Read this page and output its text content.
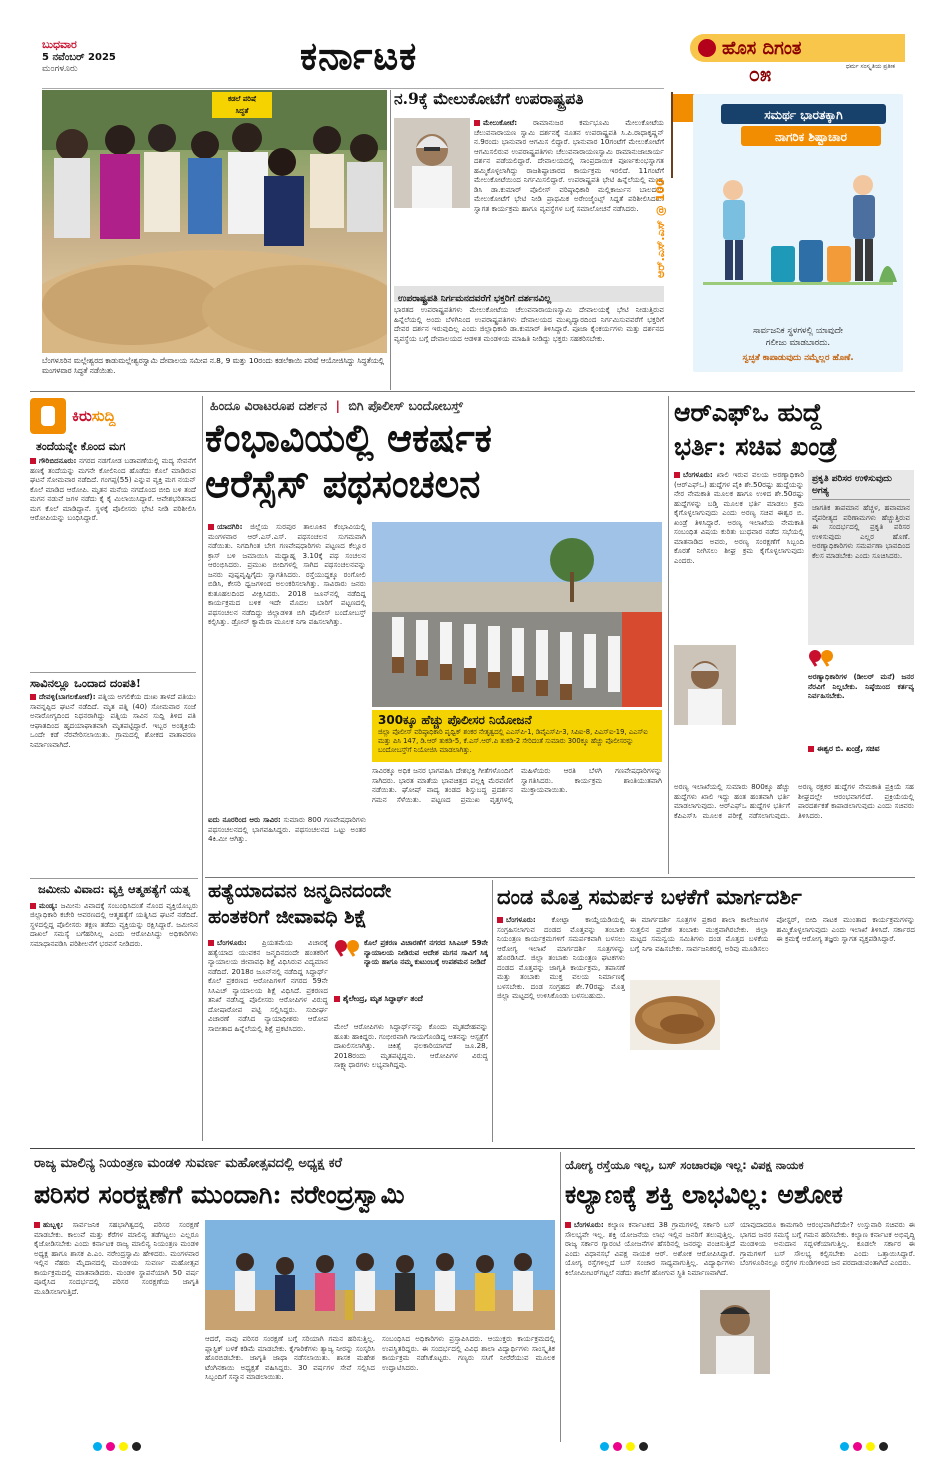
ಬುಧವಾರ
5 ನವೆಂಬರ್ 2025
ಮಂಗಳೂರು	ಕರ್ನಾಟಕ	ಹೊಸ ದಿಗಂತ
ಧರ್ಮ ಸಂಸ್ಕೃತಿಯ ಪ್ರತೀಕ
೦೫
ಕಡಲೆ ಪರಿಷೆ
ಸಿದ್ಧತೆ
ಬೆಂಗಳೂರಿನ ಮಲ್ಲೇಶ್ವರದ ಕಾಡುಮಲ್ಲೇಶ್ವರಸ್ವಾಮಿ ದೇವಾಲಯ ಸಮೀಪ ನ.8, 9 ಮತ್ತು 10ರಂದು ಕಡಲೆಕಾಯಿ ಪರಿಷೆ ಆಯೋಜಿಸಿದ್ದು ಸಿದ್ಧತೆಯಲ್ಲಿ ಮಂಗಳವಾರ ಸಿದ್ಧತೆ ನಡೆಯಿತು.
ನ.9ಕ್ಕೆ ಮೇಲುಕೋಟೆಗೆ ಉಪರಾಷ್ಟ್ರಪತಿ
ಮೇಲುಕೋಟೆ: ರಾಮಾನುಜರ ಕರ್ಮಭೂಮಿ ಮೇಲುಕೋಟೆಯ ಚೆಲುವನಾರಾಯಣ ಸ್ವಾಮಿ ದರ್ಶನಕ್ಕೆ ನೂತನ ಉಪರಾಷ್ಟ್ರಪತಿ ಸಿ.ಪಿ.ರಾಧಾಕೃಷ್ಣನ್ ನ.9ರಂದು ಭಾನುವಾರ ಆಗಮಿಸ ಲಿದ್ದಾರೆ. ಭಾನುವಾರ 10ಗಂಟೆಗೆ ಮೇಲುಕೋಟೆಗೆ ಆಗಮಿಸಲಿರುವ ಉಪರಾಷ್ಟ್ರಪತಿಗಳು ಚೆಲುವನಾರಾಯಣಸ್ವಾಮಿ ರಾಮಾನುಜಾಚಾರ್ಯ ದರ್ಶನ ಪಡೆಯಲಿದ್ದಾರೆ. ದೇವಾಲಯದಲ್ಲಿ ಸಾಂಪ್ರದಾಯಿಕ ಪೂರ್ಣಕುಂಭಸ್ವಾಗತ ಹಮ್ಮಿಕೊಳ್ಳಲಾಗಿದ್ದು ರಾಜಶಿಷ್ಟಾಚಾರದ ಕಾರ್ಯಕ್ರಮ ಇರಲಿದೆ. 11ಗಂಟೆಗೆ ಮೇಲುಕೋಟೆಯಿಂದ ನಿರ್ಗಮಿಸಲಿದ್ದಾರೆ. ಉಪರಾಷ್ಟ್ರಪತಿ ಭೇಟಿ ಹಿನ್ನೆಲೆಯಲ್ಲಿ ಮಂಡ್ಯ ಡಿಸಿ ಡಾ.ಕುಮಾರ್ ಪೊಲೀಸ್ ವರಿಷ್ಠಾಧಿಕಾರಿ ಮಲ್ಲಿಕಾರ್ಜುನ ಬಾಲದಂಡಿ ಮೇಲುಕೋಟೆಗೆ ಭೇಟಿ ನೀಡಿ ಪ್ರಾಥಮಿಕ ಅರೇಂಜ್ಮೆಂಟ್ಸ್ ಸಿದ್ದತೆ ಪರಿಶೀಲಿಸಿದರು. ಸ್ವಾಗತ ಕಾರ್ಯಕ್ರಮ ಹಾಗೂ ವ್ಯವಸ್ಥೆಗಳ ಬಗ್ಗೆ ಸಮಾಲೋಚನೆ ನಡೆಸಿದರು.
ಉಪರಾಷ್ಟ್ರಪತಿ ನಿರ್ಗಮನದವರೆಗೆ ಭಕ್ತರಿಗೆ ದರ್ಶನವಿಲ್ಲ
ಭಾರತದ ಉಪರಾಷ್ಟ್ರಪತಿಗಳು ಮೇಲುಕೋಟೆಯ ಚೆಲುವನಾರಾಯಣಸ್ವಾಮಿ ದೇವಾಲಯಕ್ಕೆ ಭೇಟಿ ನೀಡುತ್ತಿರುವ ಹಿನ್ನೆಲೆಯಲ್ಲಿ ಅಂದು ಬೆಳಗಿನಿಂದ ಉಪರಾಷ್ಟ್ರಪತಿಗಳು ದೇವಾಲಯದ ಮುಖ್ಯದ್ವಾರದಿಂದ ನಿರ್ಗಮಿಸುವವರೆಗೆ ಭಕ್ತರಿಗೆ ದೇವರ ದರ್ಶನ ಇರುವುದಿಲ್ಲ ಎಂದು ಜಿಲ್ಲಾಧಿಕಾರಿ ಡಾ.ಕುಮಾರ್ ತಿಳಿಸಿದ್ದಾರೆ. ಪೂಜಾ ಕೈಂಕರ್ಯಗಳು ಮತ್ತು ದರ್ಶನದ ವ್ಯವಸ್ಥೆಯ ಬಗ್ಗೆ ದೇವಾಲಯದ ಆಡಳಿತ ಮಂಡಳಿಯ ಮಾಹಿತಿ ನೀಡಿದ್ದು ಭಕ್ತರು ಸಹಕರಿಸಬೇಕು.
ಆರ್.ಎಸ್.ಎಸ್ @ 100
ಸಮರ್ಥ ಭಾರತಕ್ಕಾಗಿ
ನಾಗರಿಕ ಶಿಷ್ಟಾಚಾರ
ಸಾರ್ವಜನಿಕ ಸ್ಥಳಗಳಲ್ಲಿ ಯಾವುದೇ
ಗಲೀಜು ಮಾಡಬಾರದು.
ಸ್ವಚ್ಛತೆ ಕಾಪಾಡುವುದು ನಮ್ಮೆಲ್ಲರ ಹೊಣೆ.
ಕಿರು ಸುದ್ದಿ
ತಂದೆಯನ್ನೇ ಕೊಂದ ಮಗ
ಗೌರಿಬಿದನೂರು: ನಗರದ ನಡಗೋಡ ಬಡಾವಣೆಯಲ್ಲಿ ಮದ್ಯ ಸೇವನೆಗೆ ಹಣಕ್ಕೆ ತಂದೆಯನ್ನು ಮಗನೇ ಕೋಲಿನಿಂದ ಹೊಡೆದು ಕೊಲೆ ಮಾಡಿರುವ ಘಟನೆ ಸೋಮವಾರ ನಡೆದಿದೆ. ಗಂಗಪ್ಪ(55) ಎನ್ನುವ ವ್ಯಕ್ತಿ ಮಗ ನಯನ್ ಕೊಲೆ ಮಾಡಿದ ಆರೋಪಿ. ಮೃತನ ಮನೆಯ ನಗದೊಂದ ಬೀದಿ ಬಳಿ ತಂದೆ ಮಗನ ನಡುವೆ ಜಗಳ ನಡೆದು ಕೈ ಕೈ ಮಿಲಾಯಿಸಿದ್ದಾರೆ. ಆವೇಶಭರಿತನಾದ ಮಗ ಕೊಲೆ ಮಾಡಿದ್ದಾನೆ. ಸ್ಥಳಕ್ಕೆ ಪೊಲೀಸರು ಭೇಟಿ ನೀಡಿ ಪರಿಶೀಲಿಸಿ ಆರೋಪಿಯನ್ನು ಬಂಧಿಸಿದ್ದಾರೆ.
ಸಾವಿನಲ್ಲೂ ಒಂದಾದ ದಂಪತಿ!
ದೇವಳ್ಳಿ(ಬಾಗಲಕೋಟೆ): ಪತ್ನಿಯ ಅಗಲಿಕೆಯ ದುಃಖ ತಾಳದೆ ಪತಿಯು ಸಾವನ್ನಪ್ಪಿದ ಘಟನೆ ನಡೆದಿದೆ. ಮೃತ ಪತ್ನಿ (40) ಸೋಮವಾರ ಸಂಜೆ ಅನಾರೋಗ್ಯದಿಂದ ನಿಧನರಾಗಿದ್ದು ಪತ್ನಿಯ ಸಾವಿನ ಸುದ್ದಿ ತಿಳಿದ ಪತಿ ಆಘಾತದಿಂದ ಹೃದಯಾಘಾತವಾಗಿ ಮೃತಪಟ್ಟಿದ್ದಾರೆ. ಇಬ್ಬರ ಅಂತ್ಯಕ್ರಿಯೆ ಒಂದೇ ಕಡೆ ನೆರವೇರಿಸಲಾಯಿತು. ಗ್ರಾಮದಲ್ಲಿ ಶೋಕದ ವಾತಾವರಣ ನಿರ್ಮಾಣವಾಗಿದೆ.
ಜಮೀನು ವಿವಾದ: ವ್ಯಕ್ತಿ ಆತ್ಮಹತ್ಯೆಗೆ ಯತ್ನ
ಮಂಡ್ಯ: ಜಮೀನು ವಿವಾದಕ್ಕೆ ಸಂಬಂಧಿಸಿದಂತೆ ನೊಂದ ವ್ಯಕ್ತಿಯೊಬ್ಬರು ಜಿಲ್ಲಾಧಿಕಾರಿ ಕಚೇರಿ ಆವರಣದಲ್ಲಿ ಆತ್ಮಹತ್ಯೆಗೆ ಯತ್ನಿಸಿದ ಘಟನೆ ನಡೆದಿದೆ. ಸ್ಥಳದಲ್ಲಿದ್ದ ಪೊಲೀಸರು ತಕ್ಷಣ ತಡೆದು ವ್ಯಕ್ತಿಯನ್ನು ರಕ್ಷಿಸಿದ್ದಾರೆ. ಜಮೀನಿನ ದಾಖಲೆ ಸಮಸ್ಯೆ ಬಗೆಹರಿಸಿಲ್ಲ ಎಂದು ಆರೋಪಿಸಿದ್ದು ಅಧಿಕಾರಿಗಳು ಸಮಾಧಾನಪಡಿಸಿ ಪರಿಶೀಲನೆಗೆ ಭರವಸೆ ನೀಡಿದರು.
ಹಿಂದೂ ವಿರಾಟರೂಪ ದರ್ಶನ | ಬಿಗಿ ಪೊಲೀಸ್ ಬಂದೋಬಸ್ತ್
ಕೆಂಭಾವಿಯಲ್ಲಿ ಆಕರ್ಷಕ
ಆರೆಸ್ಸೆಸ್ ಪಥಸಂಚಲನ
ಯಾದಗಿರಿ: ಜಿಲ್ಲೆಯ ಸುರಪುರ ತಾಲೂಕಿನ ಕೆಂಭಾವಿಯಲ್ಲಿ ಮಂಗಳವಾರ ಆರ್.ಎಸ್.ಎಸ್. ಪಥಸಂಚಲನ ಸುಗಮವಾಗಿ ನಡೆಯಿತು. ನಿಗದಿಗಿಂತ ಬೇಗ ಗಣವೇಷಧಾರಿಗಳು ಪಟ್ಟಣದ ಕೆಲ್ಲೂರ ಕ್ರಾಸ್ ಬಳಿ ಜಮಾಯಿಸಿ ಮಧ್ಯಾಹ್ನ 3.10ಕ್ಕೆ ಪಥ ಸಂಚಲನ ಆರಂಭಿಸಿದರು. ಪ್ರಮುಖ ಬೀದಿಗಳಲ್ಲಿ ಸಾಗಿದ ಪಥಸಂಚಲನವನ್ನು ಜನರು ಪುಷ್ಪವೃಷ್ಟಿಗೈದು ಸ್ವಾಗತಿಸಿದರು. ರಸ್ತೆಯುದ್ದಕ್ಕೂ ರಂಗೋಲಿ ಬಿಡಿಸಿ, ಕೇಸರಿ ಧ್ವಜಗಳಿಂದ ಅಲಂಕರಿಸಲಾಗಿತ್ತು. ಸಾವಿರಾರು ಜನರು ಕುತೂಹಲದಿಂದ ವೀಕ್ಷಿಸಿದರು. 2018 ಜೂನ್‌ನಲ್ಲಿ ನಡೆದಿದ್ದ ಕಾರ್ಯಕ್ರಮದ ಬಳಿಕ ಇದೇ ಮೊದಲ ಬಾರಿಗೆ ಪಟ್ಟಣದಲ್ಲಿ ಪಥಸಂಚಲನ ನಡೆದಿದ್ದು ಜಿಲ್ಲಾಡಳಿತ ಬಿಗಿ ಪೊಲೀಸ್ ಬಂದೋಬಸ್ತ್ ಕಲ್ಪಿಸಿತ್ತು. ಡ್ರೋನ್ ಕ್ಯಾಮೆರಾ ಮೂಲಕ ನಿಗಾ ವಹಿಸಲಾಗಿತ್ತು.
ಐದು ನೂರರಿಂದ ಆರು ಸಾವಿರ: ಸುಮಾರು 800 ಗಣವೇಷಧಾರಿಗಳು ಪಥಸಂಚಲನದಲ್ಲಿ ಭಾಗವಹಿಸಿದ್ದರು. ಪಥಸಂಚಲನದ ಒಟ್ಟು ಅಂತರ 4ಕಿ.ಮೀ ಆಗಿತ್ತು.
300ಕ್ಕೂ ಹೆಚ್ಚು ಪೊಲೀಸರ ನಿಯೋಜನೆ
ಜಿಲ್ಲಾ ಪೊಲೀಸ್ ವರಿಷ್ಠಾಧಿಕಾರಿ ಪೃಥ್ವಿಕ್ ಶಂಕರ ನೇತೃತ್ವದಲ್ಲಿ ಎಎಸ್‌ಪಿ-1, ಡಿವೈಎಸ್‌ಪಿ-3, ಸಿಪಿಐ-8, ಪಿಎಸ್‌ಐ-19, ಎಎಸ್‌ಐ ಮತ್ತು ಪಿಸಿ 147, ಡಿ.ಆರ್ ತುಕಡಿ-5, ಕೆ.ಎಸ್.ಆರ್.ಪಿ ತುಕಡಿ-2 ಸೇರಿದಂತೆ ಸುಮಾರು 300ಕ್ಕೂ ಹೆಚ್ಚು ಪೊಲೀಸರನ್ನು ಬಂದೋಬಸ್ತ್‌ಗೆ ನಿಯೋಜಿಸಿ ಮಾಡಲಾಗಿತ್ತು.
ಸಾವಿರಕ್ಕೂ ಅಧಿಕ ಜನರ ಭಾಗವಹಿಸಿ ದೇಶಭಕ್ತಿ ಗೀತೆಗಳೊಂದಿಗೆ ಸಾಗಿದರು. ಭಾರತ ಮಾತೆಯ ಭಾವಚಿತ್ರದ ಪಲ್ಲಕ್ಕಿ ಮೆರವಣಿಗೆ ನಡೆಯಿತು. ಘೋಷ್ ವಾದ್ಯ ತಂಡದ ಶಿಸ್ತುಬದ್ಧ ಪ್ರದರ್ಶನ ಗಮನ ಸೆಳೆಯಿತು. ಪಟ್ಟಣದ ಪ್ರಮುಖ ವೃತ್ತಗಳಲ್ಲಿ ಮಹಿಳೆಯರು ಆರತಿ ಬೆಳಗಿ ಗಣವೇಷಧಾರಿಗಳನ್ನು ಸ್ವಾಗತಿಸಿದರು. ಕಾರ್ಯಕ್ರಮ ಶಾಂತಿಯುತವಾಗಿ ಮುಕ್ತಾಯವಾಯಿತು.
ಆರ್‌ಎಫ್‌ಒ ಹುದ್ದೆ
ಭರ್ತಿ: ಸಚಿವ ಖಂಡ್ರೆ
ಬೆಂಗಳೂರು: ಖಾಲಿ ಇರುವ ವಲಯ ಅರಣ್ಯಾಧಿಕಾರಿ (ಆರ್‌ಎಫ್‌ಒ) ಹುದ್ದೆಗಳ ಪೈಕಿ ಶೇ.50ರಷ್ಟು ಹುದ್ದೆಯನ್ನು ನೇರ ನೇಮಕಾತಿ ಮೂಲಕ ಹಾಗೂ ಉಳಿದ ಶೇ.50ರಷ್ಟು ಹುದ್ದೆಗಳನ್ನು ಬಡ್ತಿ ಮೂಲಕ ಭರ್ತಿ ಮಾಡಲು ಕ್ರಮ ಕೈಗೊಳ್ಳಲಾಗುವುದು ಎಂದು ಅರಣ್ಯ ಸಚಿವ ಈಶ್ವರ ಬಿ. ಖಂಡ್ರೆ ತಿಳಿಸಿದ್ದಾರೆ. ಅರಣ್ಯ ಇಲಾಖೆಯ ನೇಮಕಾತಿ ಸಂಬಂಧಿತ ವಿಷಯ ಕುರಿತು ಬುಧವಾರ ನಡೆದ ಸಭೆಯಲ್ಲಿ ಮಾತನಾಡಿದ ಅವರು, ಅರಣ್ಯ ಸಂರಕ್ಷಣೆಗೆ ಸಿಬ್ಬಂದಿ ಕೊರತೆ ನೀಗಿಸಲು ಶೀಘ್ರ ಕ್ರಮ ಕೈಗೊಳ್ಳಲಾಗುವುದು ಎಂದರು.
ಪ್ರಕೃತಿ ಪರಿಸರ ಉಳಿಸುವುದು ಅಗತ್ಯ
ಜಾಗತಿಕ ತಾಪಮಾನ ಹೆಚ್ಚಳ, ಹವಾಮಾನ ವೈಪರೀತ್ಯದ ಪರಿಣಾಮಗಳು ಹೆಚ್ಚುತ್ತಿರುವ ಈ ಸಂದರ್ಭದಲ್ಲಿ ಪ್ರಕೃತಿ ಪರಿಸರ ಉಳಿಸುವುದು ಎಲ್ಲರ ಹೊಣೆ. ಅರಣ್ಯಾಧಿಕಾರಿಗಳು ಸಮರ್ಪಣಾ ಭಾವದಿಂದ ಕೆಲಸ ಮಾಡಬೇಕು ಎಂದು ಸೂಚಿಸಿದರು.
ಅರಣ್ಯಾಧಿಕಾರಿಗಳ (ಡೀಲರ್ ಮನೆ) ಜನರ ನೆರವಿಗೆ ನಿಲ್ಲಬೇಕು. ನಿಷ್ಠೆಯಿಂದ ಕರ್ತವ್ಯ ನಿರ್ವಹಿಸಬೇಕು.
ಈಶ್ವರ ಬಿ. ಖಂಡ್ರೆ, ಸಚಿವ
ಅರಣ್ಯ ಇಲಾಖೆಯಲ್ಲಿ ಸುಮಾರು 800ಕ್ಕೂ ಹೆಚ್ಚು ಹುದ್ದೆಗಳು ಖಾಲಿ ಇದ್ದು ಹಂತ ಹಂತವಾಗಿ ಭರ್ತಿ ಮಾಡಲಾಗುವುದು. ಆರ್‌ಎಫ್‌ಒ ಹುದ್ದೆಗಳ ಭರ್ತಿಗೆ ಕೆಪಿಎಸ್‌ಸಿ ಮೂಲಕ ಪರೀಕ್ಷೆ ನಡೆಸಲಾಗುವುದು. ಅರಣ್ಯ ರಕ್ಷಕರ ಹುದ್ದೆಗಳ ನೇಮಕಾತಿ ಪ್ರಕ್ರಿಯೆ ಸಹ ಶೀಘ್ರದಲ್ಲೇ ಆರಂಭವಾಗಲಿದೆ. ಪ್ರಕ್ರಿಯೆಯಲ್ಲಿ ಪಾರದರ್ಶಕತೆ ಕಾಪಾಡಲಾಗುವುದು ಎಂದು ಸಚಿವರು ತಿಳಿಸಿದರು.
ಹತ್ಯೆಯಾದವನ ಜನ್ಮದಿನದಂದೇ
ಹಂತಕರಿಗೆ ಜೀವಾವಧಿ ಶಿಕ್ಷೆ
ಬೆಂಗಳೂರು: ಪ್ರಿಯತಮೆಯ ವಿಚಾರಕ್ಕೆ ಹತ್ಯೆಯಾದ ಯುವಕನ ಜನ್ಮದಿನದಂದೇ ಹಂತಕರಿಗೆ ನ್ಯಾಯಾಲಯ ಜೀವಾವಧಿ ಶಿಕ್ಷೆ ವಿಧಿಸಿರುವ ವಿದ್ಯಮಾನ ನಡೆದಿದೆ. 2018ರ ಜೂನ್‌ನಲ್ಲಿ ನಡೆದಿದ್ದ ಸಿದ್ಧಾರ್ಥ್ ಕೊಲೆ ಪ್ರಕರಣದ ಆರೋಪಿಗಳಿಗೆ ನಗರದ 59ನೇ ಸಿಸಿಎಚ್ ನ್ಯಾಯಾಲಯ ಶಿಕ್ಷೆ ವಿಧಿಸಿದೆ. ಪ್ರಕರಣದ ತನಿಖೆ ನಡೆಸಿದ್ದ ಪೊಲೀಸರು ಆರೋಪಿಗಳ ವಿರುದ್ಧ ದೋಷಾರೋಪ ಪಟ್ಟಿ ಸಲ್ಲಿಸಿದ್ದರು. ಸುದೀರ್ಘ ವಿಚಾರಣೆ ನಡೆಸಿದ ನ್ಯಾಯಾಧೀಶರು ಆರೋಪ ಸಾಬೀತಾದ ಹಿನ್ನೆಲೆಯಲ್ಲಿ ಶಿಕ್ಷೆ ಪ್ರಕಟಿಸಿದರು.
ಕೊಲೆ ಪ್ರಕರಣ ವಿಚಾರಣೆಗೆ ನಗರದ ಸಿಸಿಎಚ್ 59ನೇ ನ್ಯಾಯಾಲಯ ನೀಡಿರುವ ಆದೇಶ ಮಗನ ಸಾವಿಗೆ ಸಿಕ್ಕ ನ್ಯಾಯ ಹಾಗೂ ನಮ್ಮ ಕುಟುಂಬಕ್ಕೆ ಉಪಶಮನ ನೀಡಿದೆ
ಶೈಲೇಂದ್ರ, ಮೃತ ಸಿದ್ಧಾರ್ಥ್ ತಂದೆ
ಮೇಲೆ ಆರೋಪಿಗಳು ಸಿದ್ಧಾರ್ಥ್‌ನನ್ನು ಕೊಂದು ಮೃತದೇಹವನ್ನು ಹೂತು ಹಾಕಿದ್ದರು. ಗಂಭೀರವಾಗಿ ಗಾಯಗೊಂಡಿದ್ದ ಆತನನ್ನು ಆಸ್ಪತ್ರೆಗೆ ದಾಖಲಿಸಲಾಗಿತ್ತು. ಚಿಕಿತ್ಸೆ ಫಲಕಾರಿಯಾಗದೆ ಜೂ.28, 2018ರಂದು ಮೃತಪಟ್ಟಿದ್ದನು. ಆರೋಪಿಗಳ ವಿರುದ್ಧ ಸಾಕ್ಷ್ಯಾಧಾರಗಳು ಲಭ್ಯವಾಗಿದ್ದವು.
ದಂಡ ಮೊತ್ತ ಸಮರ್ಪಕ ಬಳಕೆಗೆ ಮಾರ್ಗದರ್ಶಿ
ಬೆಂಗಳೂರು: ಕೋಟ್ಪಾ ಕಾಯ್ದೆಯಡಿಯಲ್ಲಿ ಸಂಗ್ರಹಿಸಲಾಗುವ ದಂಡದ ಮೊತ್ತವನ್ನು ತಂಬಾಕು ನಿಯಂತ್ರಣ ಕಾರ್ಯಕ್ರಮಗಳಿಗೆ ಸಮರ್ಪಕವಾಗಿ ಬಳಸಲು ಆರೋಗ್ಯ ಇಲಾಖೆ ಮಾರ್ಗದರ್ಶಿ ಸೂತ್ರಗಳನ್ನು ಹೊರಡಿಸಿದೆ. ಜಿಲ್ಲಾ ತಂಬಾಕು ನಿಯಂತ್ರಣ ಘಟಕಗಳು ದಂಡದ ಮೊತ್ತವನ್ನು ಜಾಗೃತಿ ಕಾರ್ಯಕ್ರಮ, ತಪಾಸಣೆ ಮತ್ತು ತಂಬಾಕು ಮುಕ್ತ ವಲಯ ನಿರ್ಮಾಣಕ್ಕೆ ಬಳಸಬೇಕು. ದಂಡ ಸಂಗ್ರಹದ ಶೇ.70ರಷ್ಟು ಮೊತ್ತ ಜಿಲ್ಲಾ ಮಟ್ಟದಲ್ಲಿ ಉಳಿಸಿಕೊಂಡು ಬಳಸಬಹುದು.
ಈ ಮಾರ್ಗದರ್ಶಿ ಸೂತ್ರಗಳ ಪ್ರಕಾರ ಶಾಲಾ ಕಾಲೇಜುಗಳ ಸುತ್ತಲಿನ ಪ್ರದೇಶ ತಂಬಾಕು ಮುಕ್ತವಾಗಿರಬೇಕು. ಜಿಲ್ಲಾ ಮಟ್ಟದ ಸಮನ್ವಯ ಸಮಿತಿಗಳು ದಂಡ ಮೊತ್ತದ ಬಳಕೆಯ ಬಗ್ಗೆ ನಿಗಾ ವಹಿಸಬೇಕು. ಸಾರ್ವಜನಿಕರಲ್ಲಿ ಅರಿವು ಮೂಡಿಸಲು ಪೋಸ್ಟರ್, ಬೀದಿ ನಾಟಕ ಮುಂತಾದ ಕಾರ್ಯಕ್ರಮಗಳನ್ನು ಹಮ್ಮಿಕೊಳ್ಳಲಾಗುವುದು ಎಂದು ಇಲಾಖೆ ತಿಳಿಸಿದೆ. ಸರ್ಕಾರದ ಈ ಕ್ರಮಕ್ಕೆ ಆರೋಗ್ಯ ತಜ್ಞರು ಸ್ವಾಗತ ವ್ಯಕ್ತಪಡಿಸಿದ್ದಾರೆ.
ರಾಜ್ಯ ಮಾಲಿನ್ಯ ನಿಯಂತ್ರಣ ಮಂಡಳಿ ಸುವರ್ಣ ಮಹೋತ್ಸವದಲ್ಲಿ ಅಧ್ಯಕ್ಷ ಕರೆ
ಪರಿಸರ ಸಂರಕ್ಷಣೆಗೆ ಮುಂದಾಗಿ: ನರೇಂದ್ರಸ್ವಾಮಿ
ಹುಬ್ಬಳ್ಳಿ: ಸಾರ್ವಜನಿಕ ಸಹಭಾಗಿತ್ವದಲ್ಲಿ ಪರಿಸರ ಸಂರಕ್ಷಣೆ ಮಾಡಬೇಕು. ಕಾಲುವೆ ಮತ್ತು ಕೆರೆಗಳ ಮಾಲಿನ್ಯ ತಡೆಗಟ್ಟಲು ಎಲ್ಲರೂ ಕೈಜೋಡಿಸಬೇಕು ಎಂದು ಕರ್ನಾಟಕ ರಾಜ್ಯ ಮಾಲಿನ್ಯ ನಿಯಂತ್ರಣ ಮಂಡಳಿ ಅಧ್ಯಕ್ಷ ಹಾಗೂ ಶಾಸಕ ಪಿ.ಎಂ. ನರೇಂದ್ರಸ್ವಾಮಿ ಹೇಳಿದರು. ಮಂಗಳವಾರ ಇಲ್ಲಿನ ನೆಹರು ಮೈದಾನದಲ್ಲಿ ಮಂಡಳಿಯ ಸುವರ್ಣ ಮಹೋತ್ಸವ ಕಾರ್ಯಕ್ರಮದಲ್ಲಿ ಮಾತನಾಡಿದರು. ಮಂಡಳಿ ಸ್ಥಾಪನೆಯಾಗಿ 50 ವರ್ಷ ಪೂರೈಸಿದ ಸಂದರ್ಭದಲ್ಲಿ ಪರಿಸರ ಸಂರಕ್ಷಣೆಯ ಜಾಗೃತಿ ಮೂಡಿಸಲಾಗುತ್ತಿದೆ.
ಆದರೆ, ನಾವು ಪರಿಸರ ಸಂರಕ್ಷಣೆ ಬಗ್ಗೆ ಸರಿಯಾಗಿ ಗಮನ ಹರಿಸುತ್ತಿಲ್ಲ. ಪ್ಲಾಸ್ಟಿಕ್ ಬಳಕೆ ಕಡಿಮೆ ಮಾಡಬೇಕು. ಕೈಗಾರಿಕೆಗಳು ತ್ಯಾಜ್ಯ ನೀರನ್ನು ಸಂಸ್ಕರಿಸಿ ಹೊರಬಿಡಬೇಕು. ಜಾಗೃತಿ ಜಾಥಾ ನಡೆಸಲಾಯಿತು. ಶಾಸಕ ಮಹೇಶ ಟೆಂಗಿನಕಾಯಿ ಅಧ್ಯಕ್ಷತೆ ವಹಿಸಿದ್ದರು. 30 ವರ್ಷಗಳ ಸೇವೆ ಸಲ್ಲಿಸಿದ ಸಿಬ್ಬಂದಿಗೆ ಸನ್ಮಾನ ಮಾಡಲಾಯಿತು.
ಸಂಬಂಧಿಸಿದ ಅಧಿಕಾರಿಗಳು ಪ್ರಸ್ತಾಪಿಸಿದರು. ಆಯುಕ್ತರು ಕಾರ್ಯಕ್ರಮದಲ್ಲಿ ಉಪಸ್ಥಿತರಿದ್ದರು. ಈ ಸಂದರ್ಭದಲ್ಲಿ ವಿವಿಧ ಶಾಲಾ ವಿದ್ಯಾರ್ಥಿಗಳು ಸಾಂಸ್ಕೃತಿಕ ಕಾರ್ಯಕ್ರಮ ನಡೆಸಿಕೊಟ್ಟರು. ಗಣ್ಯರು ಸಸಿಗೆ ನೀರೆರೆಯುವ ಮೂಲಕ ಉದ್ಘಾಟಿಸಿದರು.
ಯೋಗ್ಯ ರಸ್ತೆಯೂ ಇಲ್ಲ, ಬಸ್ ಸಂಚಾರವೂ ಇಲ್ಲ: ವಿಪಕ್ಷ ನಾಯಕ
ಕಲ್ಯಾಣಕ್ಕೆ ಶಕ್ತಿ ಲಾಭವಿಲ್ಲ: ಅಶೋಕ
ಬೆಂಗಳೂರು: ಕಲ್ಯಾಣ ಕರ್ನಾಟಕದ 38 ಗ್ರಾಮಗಳಲ್ಲಿ ಸರ್ಕಾರಿ ಬಸ್ ಸೌಲಭ್ಯವೇ ಇಲ್ಲ. ಶಕ್ತಿ ಯೋಜನೆಯ ಲಾಭ ಇಲ್ಲಿನ ಜನರಿಗೆ ತಲುಪುತ್ತಿಲ್ಲ. ರಾಜ್ಯ ಸರ್ಕಾರ ಗ್ಯಾರಂಟಿ ಯೋಜನೆಗಳ ಹೆಸರಿನಲ್ಲಿ ಜನರನ್ನು ವಂಚಿಸುತ್ತಿದೆ ಎಂದು ವಿಧಾನಸಭೆ ವಿಪಕ್ಷ ನಾಯಕ ಆರ್. ಅಶೋಕ ಆರೋಪಿಸಿದ್ದಾರೆ. ಯೋಗ್ಯ ರಸ್ತೆಗಳಿಲ್ಲದೆ ಬಸ್ ಸಂಚಾರ ಸಾಧ್ಯವಾಗುತ್ತಿಲ್ಲ. ವಿದ್ಯಾರ್ಥಿಗಳು ಕಿಲೋಮೀಟರ್‌ಗಟ್ಟಲೆ ನಡೆದು ಶಾಲೆಗೆ ಹೋಗುವ ಸ್ಥಿತಿ ನಿರ್ಮಾಣವಾಗಿದೆ.
ಯಾವುದಾದರೂ ಕಾಮಗಾರಿ ಆರಂಭವಾಗಿದೆಯೇ? ಉಸ್ತುವಾರಿ ಸಚಿವರು ಈ ಭಾಗದ ಜನರ ಸಮಸ್ಯೆ ಬಗ್ಗೆ ಗಮನ ಹರಿಸಬೇಕು. ಕಲ್ಯಾಣ ಕರ್ನಾಟಕ ಅಭಿವೃದ್ಧಿ ಮಂಡಳಿಯ ಅನುದಾನ ಸದ್ಬಳಕೆಯಾಗುತ್ತಿಲ್ಲ. ಕೂಡಲೇ ಸರ್ಕಾರ ಈ ಗ್ರಾಮಗಳಿಗೆ ಬಸ್ ಸೌಲಭ್ಯ ಕಲ್ಪಿಸಬೇಕು ಎಂದು ಒತ್ತಾಯಿಸಿದ್ದಾರೆ. ಬೆಂಗಳೂರಿನಲ್ಲೂ ರಸ್ತೆಗಳ ಗುಂಡಿಗಳಿಂದ ಜನ ಪರದಾಡುವಂತಾಗಿದೆ ಎಂದರು.
